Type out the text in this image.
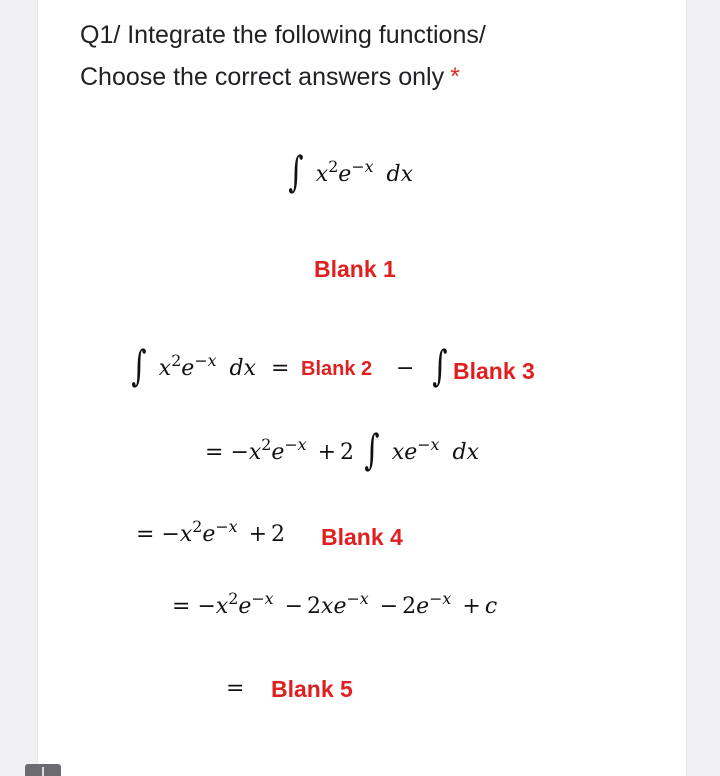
Q1/ Integrate the following functions/
Choose the correct answers only *
∫ $x^2e^{-x}$ dx
Blank 1
∫ $x^2e^{-x}$ dx = Blank 2 − ∫ Blank 3
= $-x^2e^{-x} + 2$ ∫ $xe^{-x}$ dx
= $-x^2e^{-x} + 2$ Blank 4
= $-x^2e^{-x} - 2xe^{-x} - 2e^{-x} + c$
= Blank 5
